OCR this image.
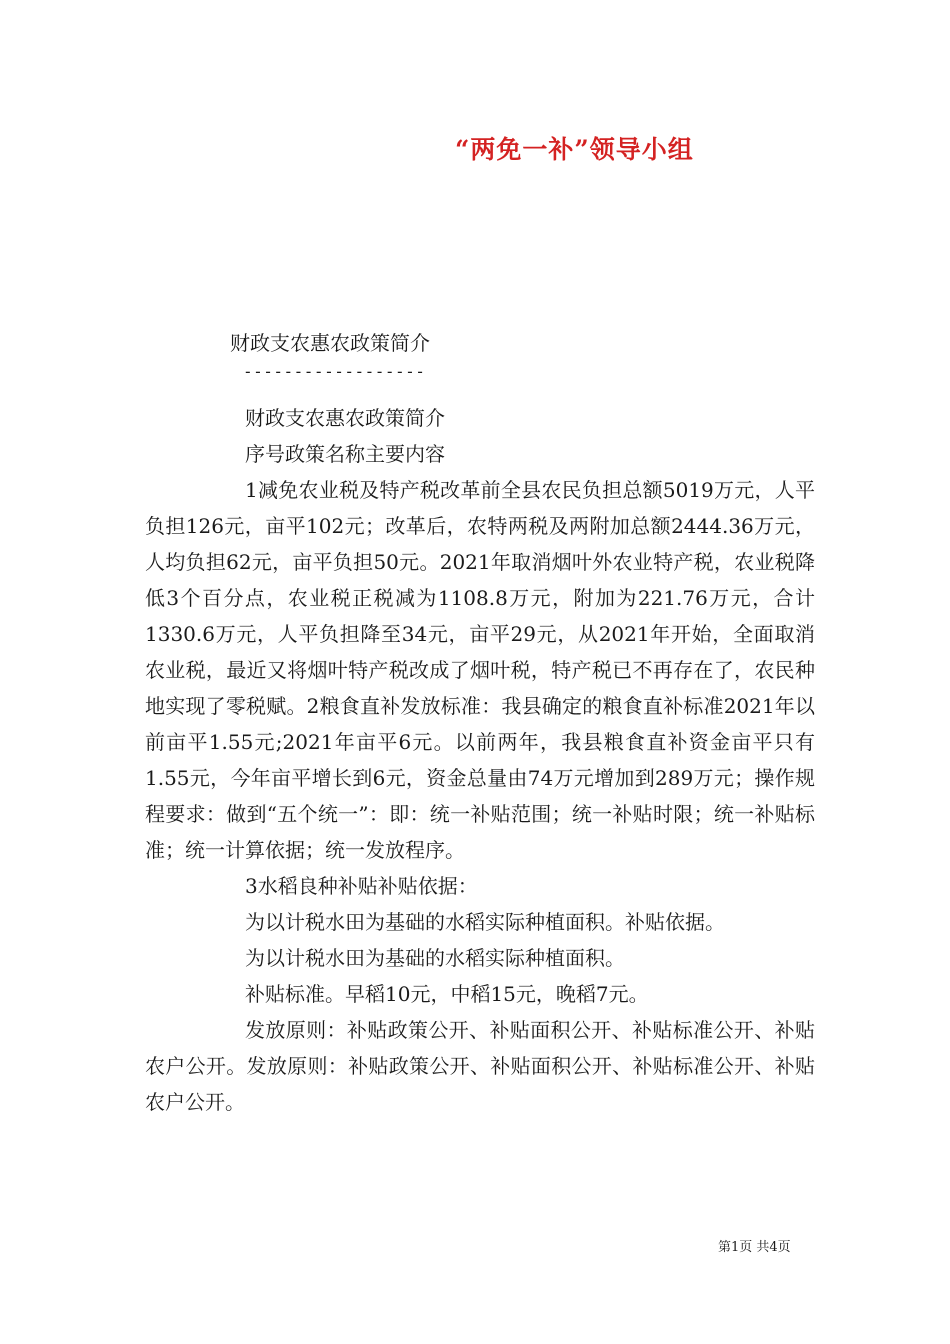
“两免一补”领导小组
财政支农惠农政策简介
------------------

财政支农惠农政策简介

序号政策名称主要内容

1减免农业税及特产税改革前全县农民负担总额5019万元，人平负担126元，亩平102元；改革后，农特两税及两附加总额2444.36万元，人均负担62元，亩平负担50元。2021年取消烟叶外农业特产税，农业税降低3个百分点，农业税正税减为1108.8万元，附加为221.76万元，合计1330.6万元，人平负担降至34元，亩平29元，从2021年开始，全面取消农业税，最近又将烟叶特产税改成了烟叶税，特产税已不再存在了，农民种地实现了零税赋。2粮食直补发放标准：我县确定的粮食直补标准2021年以前亩平1.55元;2021年亩平6元。以前两年，我县粮食直补资金亩平只有1.55元，今年亩平增长到6元，资金总量由74万元增加到289万元；操作规程要求：做到“五个统一”：即：统一补贴范围；统一补贴时限；统一补贴标准；统一计算依据；统一发放程序。

3水稻良种补贴补贴依据：

为以计税水田为基础的水稻实际种植面积。补贴依据。

为以计税水田为基础的水稻实际种植面积。

补贴标准。早稻10元，中稻15元，晚稻7元。

发放原则：补贴政策公开、补贴面积公开、补贴标准公开、补贴农户公开。发放原则：补贴政策公开、补贴面积公开、补贴标准公开、补贴农户公开。

第1页 共4页
